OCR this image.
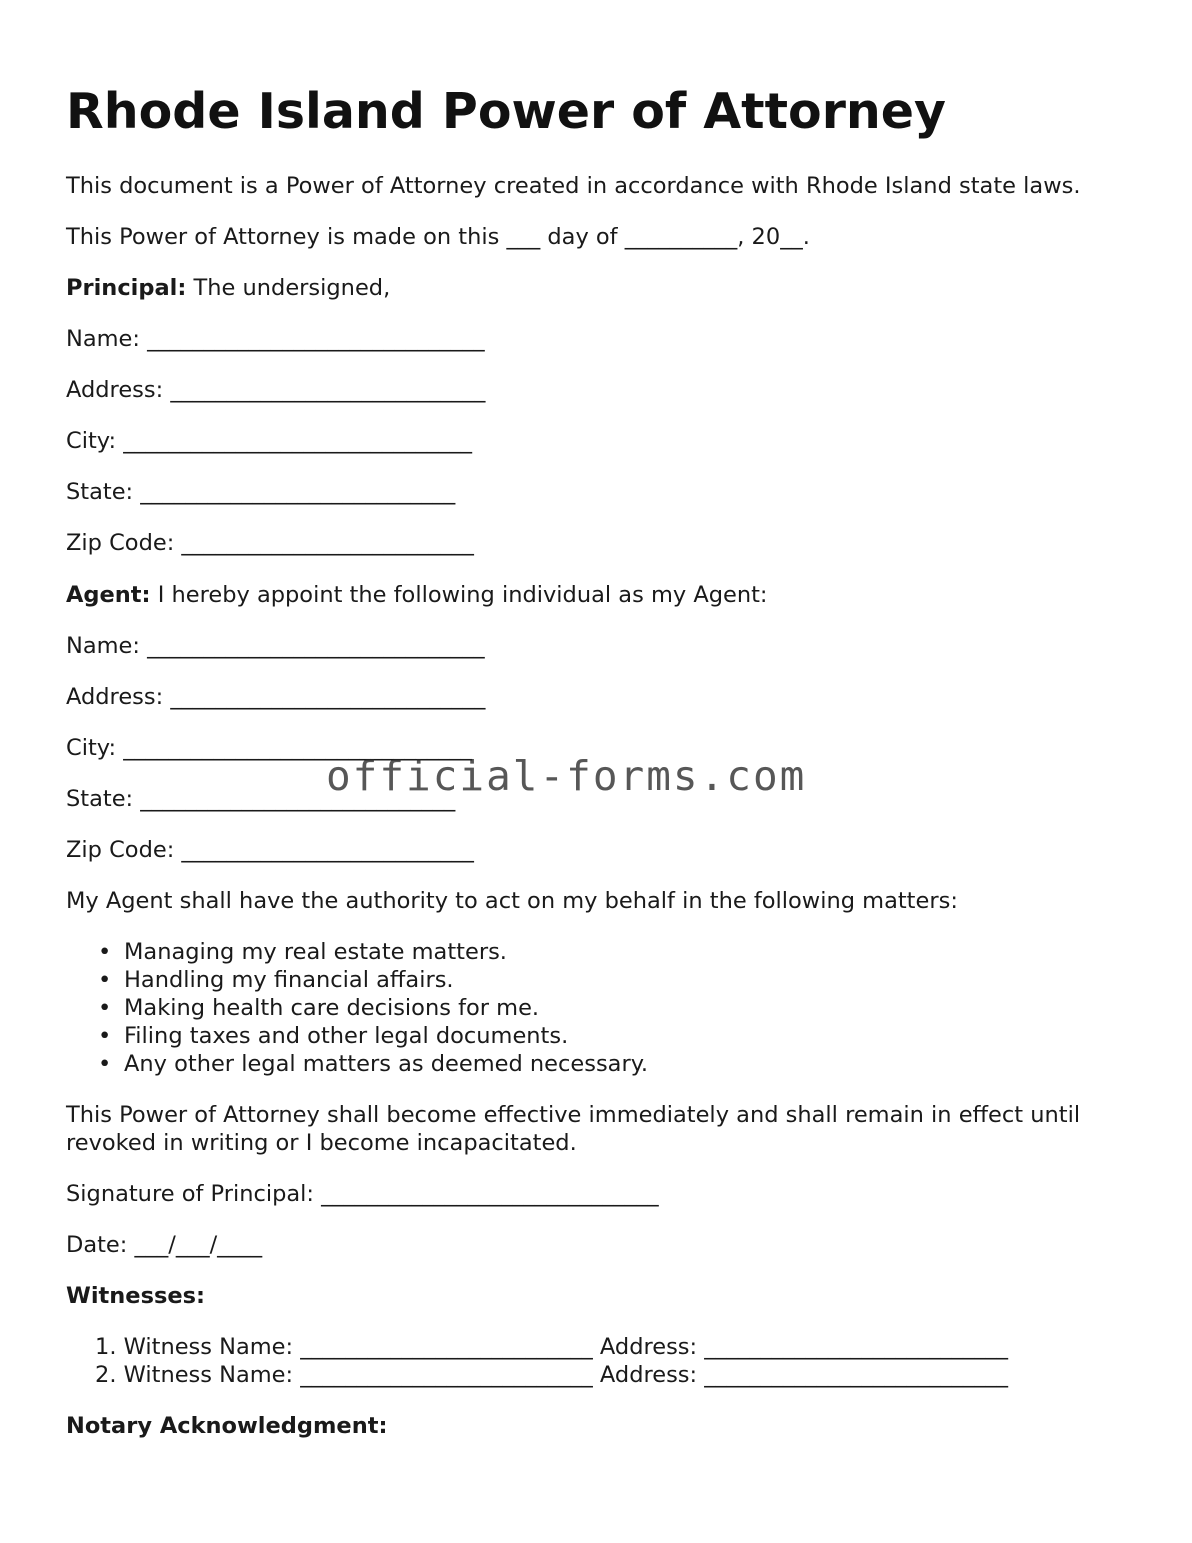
Rhode Island Power of Attorney

This document is a Power of Attorney created in accordance with Rhode Island state laws.

This Power of Attorney is made on this ___ day of __________, 20__.

Principal: The undersigned,

Name: ______________________________

Address: ____________________________

City: _______________________________

State: ____________________________

Zip Code: __________________________

Agent: I hereby appoint the following individual as my Agent:

Name: ______________________________

Address: ____________________________

City: _______________________________

State: ____________________________

Zip Code: __________________________

My Agent shall have the authority to act on my behalf in the following matters:

• Managing my real estate matters.
• Handling my financial affairs.
• Making health care decisions for me.
• Filing taxes and other legal documents.
• Any other legal matters as deemed necessary.

This Power of Attorney shall become effective immediately and shall remain in effect until revoked in writing or I become incapacitated.

Signature of Principal: ______________________________

Date: ___/___/____

Witnesses:

1. Witness Name: __________________________ Address: ___________________________
2. Witness Name: __________________________ Address: ___________________________

Notary Acknowledgment:

official-forms.com
